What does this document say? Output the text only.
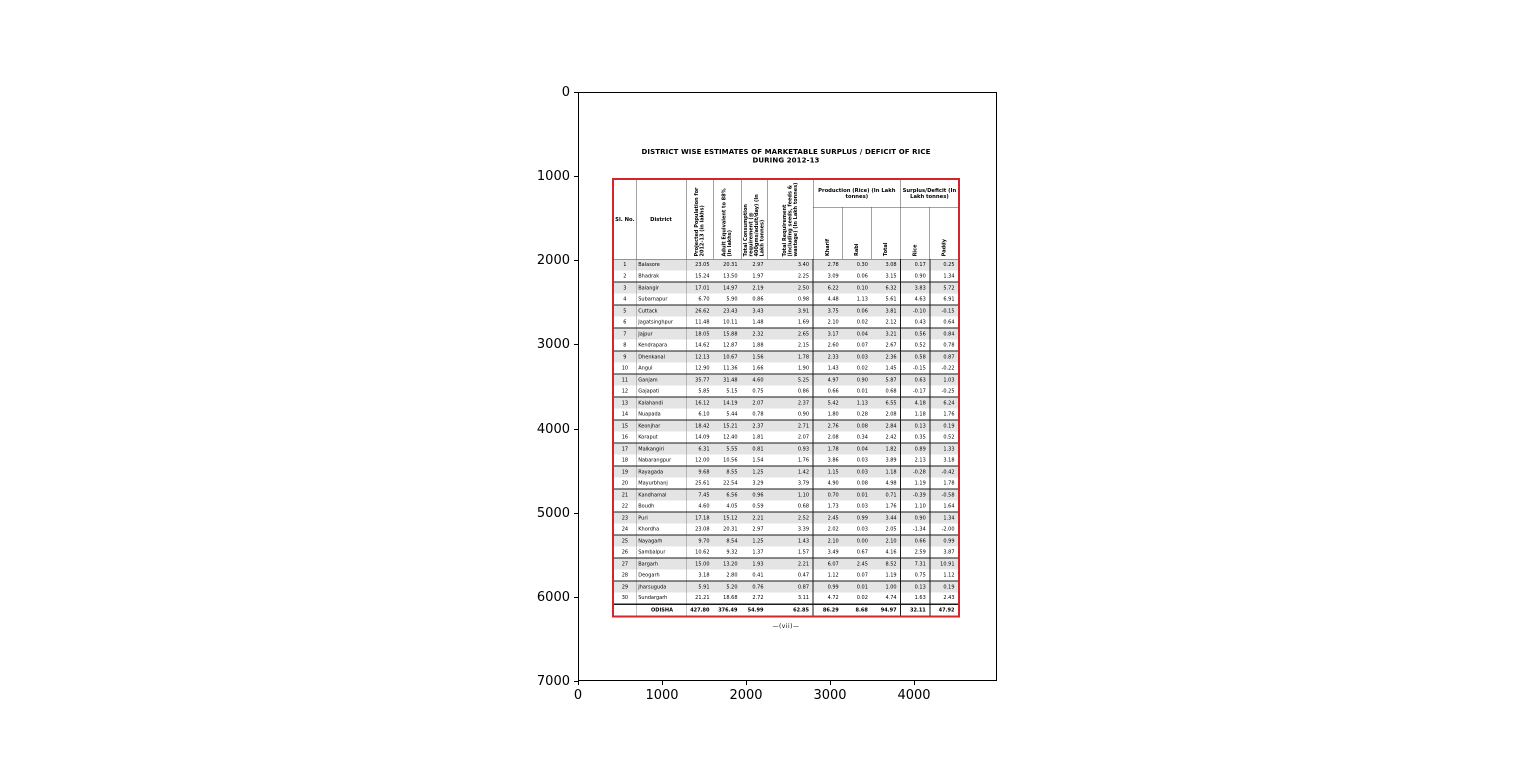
0	1000	2000	3000	4000
0
1000
2000
3000
4000
5000
6000
7000
DISTRICT WISE ESTIMATES OF MARKETABLE SURPLUS / DEFICIT OF RICE
DURING 2012-13
Sl. No.	District	Projected Population for 2012-13 (in lakhs)	Adult Equivalent to 88% (in lakhs)	Total Consumption requirement (@ 400gms/adult/day) (In Lakh tonnes)	Total Requirement (including seeds, feeds & wastage) (In Lakh tonnes)	Production (Rice) (In Lakh tonnes)			Surplus/Deficit (In Lakh tonnes)	
						Kharif	Rabi	Total	Rice	Paddy
1	Balasore	23.05	20.31	2.97	3.40	2.78	0.30	3.08	0.17	0.25
2	Bhadrak	15.24	13.50	1.97	2.25	3.09	0.06	3.15	0.90	1.34
3	Balangir	17.01	14.97	2.19	2.50	6.22	0.10	6.32	3.83	5.72
4	Subarnapur	6.70	5.90	0.86	0.98	4.48	1.13	5.61	4.63	6.91
5	Cuttack	26.62	23.43	3.43	3.91	3.75	0.06	3.81	-0.10	-0.15
6	Jagatsinghpur	11.48	10.11	1.48	1.69	2.10	0.02	2.12	0.43	0.64
7	Jajpur	18.05	15.88	2.32	2.65	3.17	0.04	3.21	0.56	0.84
8	Kendrapara	14.62	12.87	1.88	2.15	2.60	0.07	2.67	0.52	0.78
9	Dhenkanal	12.13	10.67	1.56	1.78	2.33	0.03	2.36	0.58	0.87
10	Angul	12.90	11.36	1.66	1.90	1.43	0.02	1.45	-0.15	-0.22
11	Ganjam	35.77	31.48	4.60	5.25	4.97	0.90	5.87	0.63	1.03
12	Gajapati	5.85	5.15	0.75	0.86	0.66	0.01	0.68	-0.17	-0.25
13	Kalahandi	16.12	14.19	2.07	2.37	5.42	1.13	6.55	4.18	6.24
14	Nuapada	6.10	5.44	0.78	0.90	1.80	0.28	2.08	1.18	1.76
15	Keonjhar	18.42	15.21	2.37	2.71	2.76	0.08	2.84	0.13	0.19
16	Koraput	14.09	12.40	1.81	2.07	2.08	0.34	2.42	0.35	0.52
17	Malkangiri	6.31	5.55	0.81	0.93	1.78	0.04	1.82	0.89	1.33
18	Nabarangpur	12.00	10.56	1.54	1.76	3.86	0.03	3.89	2.13	3.18
19	Rayagada	9.68	8.55	1.25	1.42	1.15	0.03	1.18	-0.28	-0.42
20	Mayurbhanj	25.61	22.54	3.29	3.79	4.90	0.08	4.98	1.19	1.78
21	Kandhamal	7.45	6.56	0.96	1.10	0.70	0.01	0.71	-0.39	-0.58
22	Boudh	4.60	4.05	0.59	0.68	1.73	0.03	1.76	1.10	1.64
23	Puri	17.18	15.12	2.21	2.52	2.45	0.99	3.44	0.90	1.34
24	Khordha	23.08	20.31	2.97	3.39	2.02	0.03	2.05	-1.34	-2.00
25	Nayagarh	9.70	8.54	1.25	1.43	2.10	0.00	2.10	0.66	0.99
26	Sambalpur	10.62	9.32	1.37	1.57	3.49	0.67	4.16	2.59	3.87
27	Bargarh	15.00	13.20	1.93	2.21	6.07	2.45	8.52	7.31	10.91
28	Deogarh	3.18	2.80	0.41	0.47	1.12	0.07	1.19	0.75	1.12
29	Jharsuguda	5.91	5.20	0.76	0.87	0.99	0.01	1.00	0.13	0.19
30	Sundargarh	21.21	18.68	2.72	3.11	4.72	0.02	4.74	1.63	2.43
	ODISHA	427.80	376.49	54.99	62.85	86.29	8.68	94.97	32.11	47.92
—(vii)—
